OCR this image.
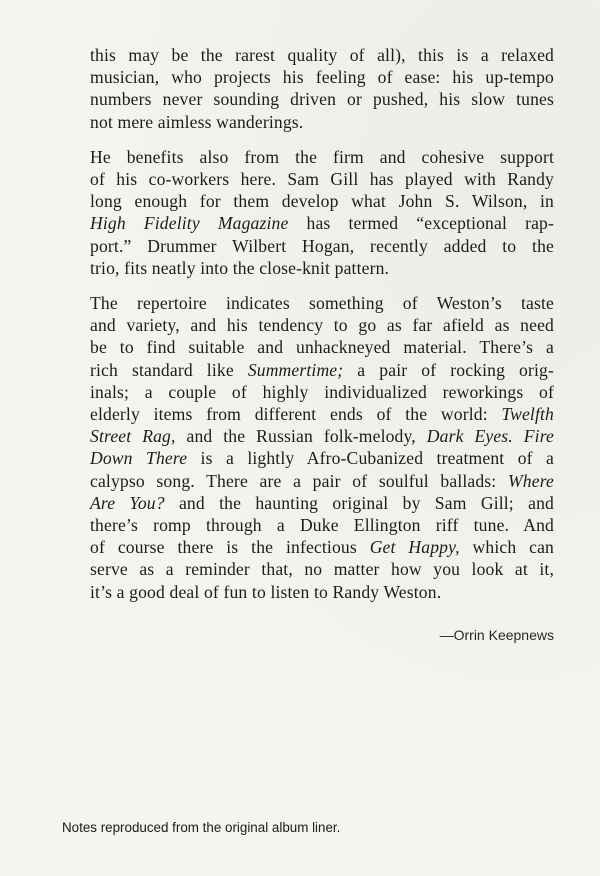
this may be the rarest quality of all), this is a relaxed
musician, who projects his feeling of ease: his up-tempo
numbers never sounding driven or pushed, his slow tunes
not mere aimless wanderings.
He benefits also from the firm and cohesive support
of his co-workers here. Sam Gill has played with Randy
long enough for them develop what John S. Wilson, in
High Fidelity Magazine has termed “exceptional rap-
port.” Drummer Wilbert Hogan, recently added to the
trio, fits neatly into the close-knit pattern.
The repertoire indicates something of Weston’s taste
and variety, and his tendency to go as far afield as need
be to find suitable and unhackneyed material. There’s a
rich standard like Summertime; a pair of rocking orig-
inals; a couple of highly individualized reworkings of
elderly items from different ends of the world: Twelfth
Street Rag, and the Russian folk-melody, Dark Eyes. Fire
Down There is a lightly Afro-Cubanized treatment of a
calypso song. There are a pair of soulful ballads: Where
Are You? and the haunting original by Sam Gill; and
there’s romp through a Duke Ellington riff tune. And
of course there is the infectious Get Happy, which can
serve as a reminder that, no matter how you look at it,
it’s a good deal of fun to listen to Randy Weston.
—Orrin Keepnews
Notes reproduced from the original album liner.
